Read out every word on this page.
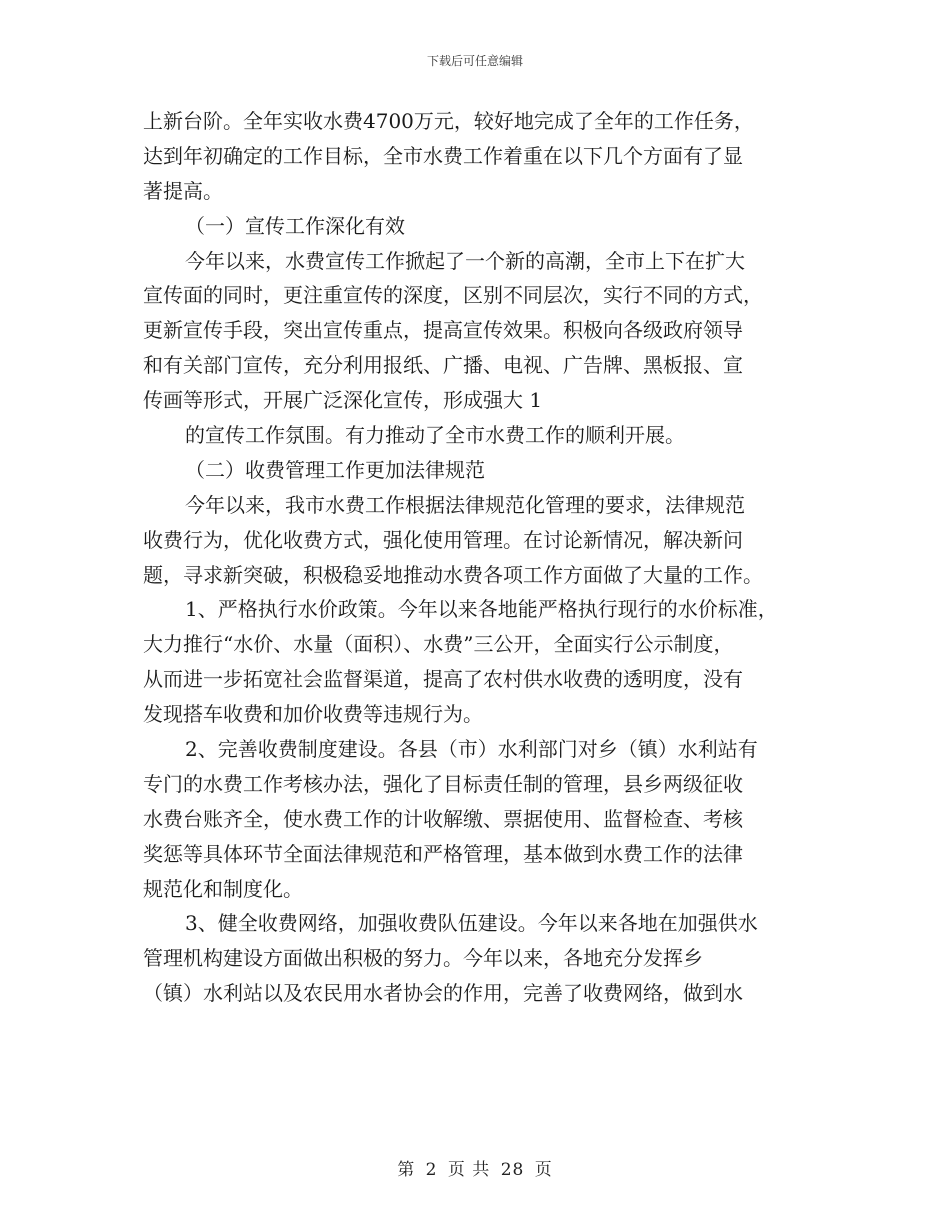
下载后可任意编辑
上新台阶。全年实收水费4700万元，较好地完成了全年的工作任务，
达到年初确定的工作目标，全市水费工作着重在以下几个方面有了显
著提高。
（一）宣传工作深化有效
今年以来，水费宣传工作掀起了一个新的高潮，全市上下在扩大
宣传面的同时，更注重宣传的深度，区别不同层次，实行不同的方式，
更新宣传手段，突出宣传重点，提高宣传效果。积极向各级政府领导
和有关部门宣传，充分利用报纸、广播、电视、广告牌、黑板报、宣
传画等形式，开展广泛深化宣传，形成强大 1
的宣传工作氛围。有力推动了全市水费工作的顺利开展。
（二）收费管理工作更加法律规范
今年以来，我市水费工作根据法律规范化管理的要求，法律规范
收费行为，优化收费方式，强化使用管理。在讨论新情况，解决新问
题，寻求新突破，积极稳妥地推动水费各项工作方面做了大量的工作。
1、严格执行水价政策。今年以来各地能严格执行现行的水价标准，
大力推行“水价、水量（面积）、水费”三公开，全面实行公示制度，
从而进一步拓宽社会监督渠道，提高了农村供水收费的透明度，没有
发现搭车收费和加价收费等违规行为。
2、完善收费制度建设。各县（市）水利部门对乡（镇）水利站有
专门的水费工作考核办法，强化了目标责任制的管理，县乡两级征收
水费台账齐全，使水费工作的计收解缴、票据使用、监督检查、考核
奖惩等具体环节全面法律规范和严格管理，基本做到水费工作的法律
规范化和制度化。
3、健全收费网络，加强收费队伍建设。今年以来各地在加强供水
管理机构建设方面做出积极的努力。今年以来，各地充分发挥乡
（镇）水利站以及农民用水者协会的作用，完善了收费网络，做到水
第 2 页 共 28 页
